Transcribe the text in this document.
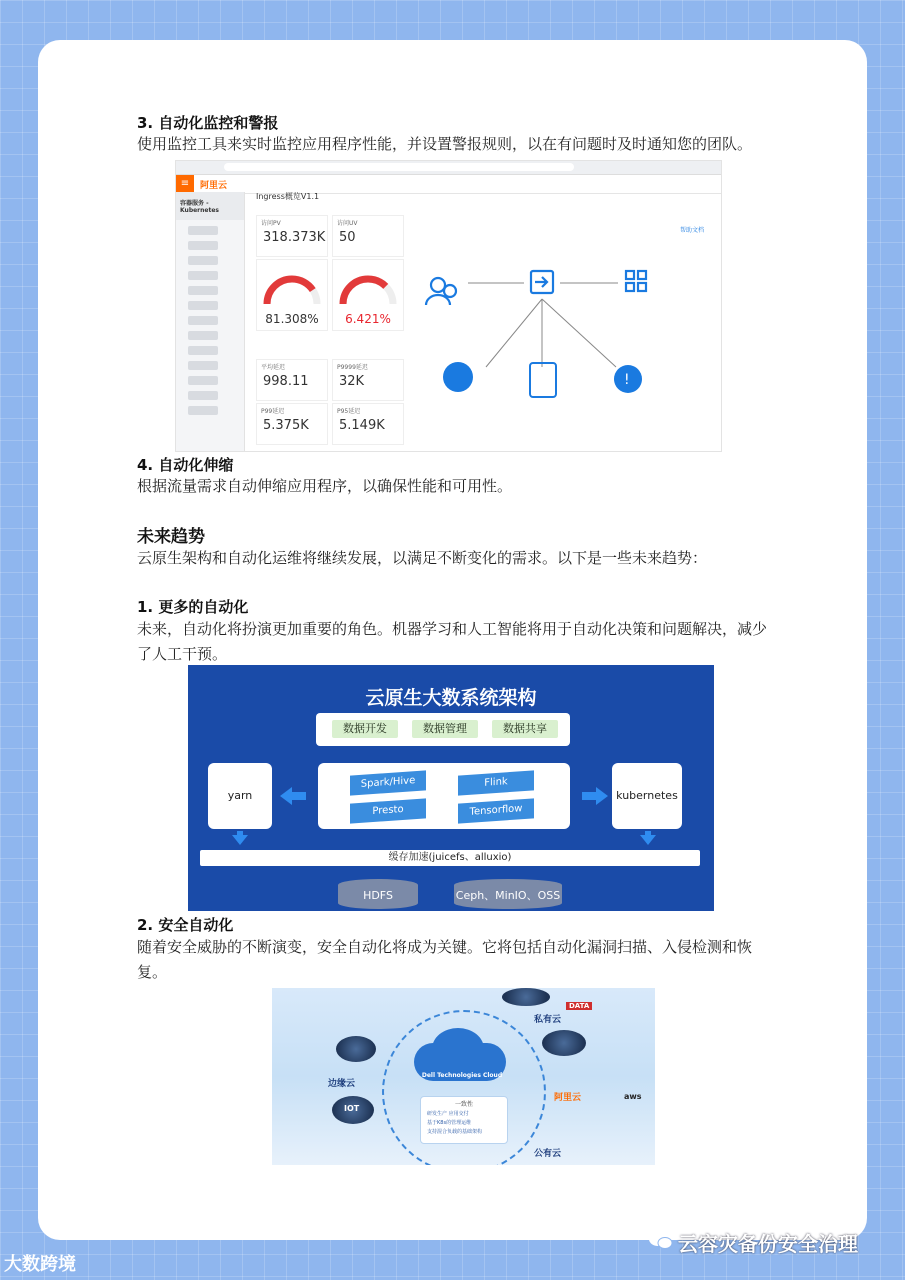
3. 自动化监控和警报
使用监控工具来实时监控应用程序性能，并设置警报规则，以在有问题时及时通知您的团队。
≡	阿里云
容器服务 - Kubernetes
Ingress概览V1.1
帮助文档
访问PV
318.373K
访问UV
50
81.308%	6.421%
平均延迟
998.11
P9999延迟
32K
P99延迟
5.375K
P95延迟
5.149K
!
4. 自动化伸缩
根据流量需求自动伸缩应用程序，以确保性能和可用性。
未来趋势
云原生架构和自动化运维将继续发展，以满足不断变化的需求。以下是一些未来趋势：
1. 更多的自动化
未来，自动化将扮演更加重要的角色。机器学习和人工智能将用于自动化决策和问题解决，减少了人工干预。
云原生大数系统架构
数据开发	数据管理	数据共享
Spark/Hive	Flink
Presto	Tensorflow
yarn	kubernetes
缓存加速(juicefs、alluxio)
HDFS	Ceph、MinIO、OSS
2. 安全自动化
随着安全威胁的不断演变，安全自动化将成为关键。它将包括自动化漏洞扫描、入侵检测和恢复。
Dell Technologies Cloud
一致性
研发生产 应用交付
基于K8s的管理运维
支持混合负载的基础架构
私有云
边缘云
公有云
阿里云	aws
DATA
IOT
大数跨境
云容灾备份安全治理
